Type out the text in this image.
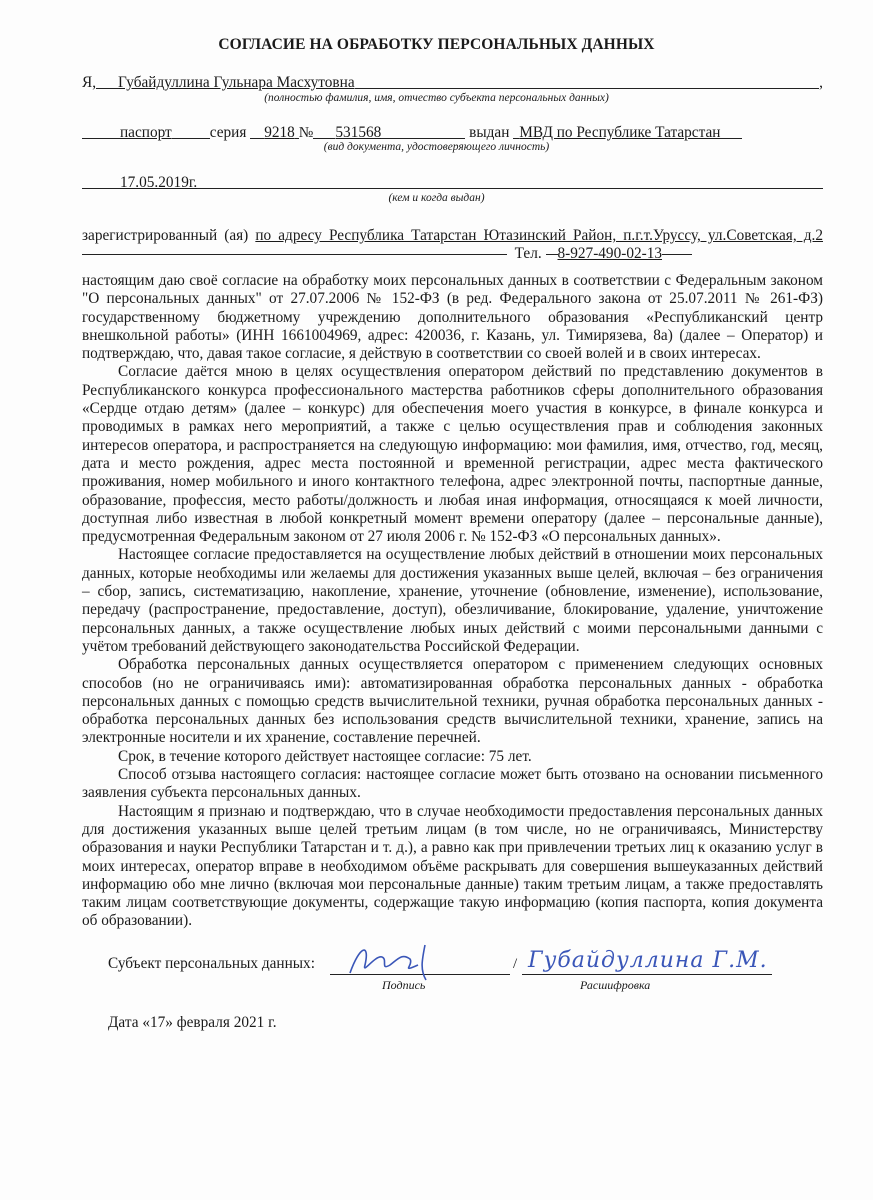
СОГЛАСИЕ НА ОБРАБОТКУ ПЕРСОНАЛЬНЫХ ДАННЫХ
Я, Губайдуллина Гульнара Масхутовна	,
(полностью фамилия, имя, отчество субъекта персональных данных)
паспорт серия
9218 № 531568
	выдан
МВД по Республике Татарстан
(вид документа, удостоверяющего личность)
17.05.2019г.
(кем и когда выдан)
зарегистрированный (ая) по адресу Республика Татарстан Ютазинский Район, п.г.т.Уруссу, ул.Советская, д.2  Тел. 8-927-490-02-13

настоящим даю своё согласие на обработку моих персональных данных в соответствии с Федеральным законом "О персональных данных" от 27.07.2006 № 152-ФЗ (в ред. Федерального закона от 25.07.2011 № 261-ФЗ) государственному бюджетному учреждению дополнительного образования «Республиканский центр внешкольной работы» (ИНН 1661004969, адрес: 420036, г. Казань, ул. Тимирязева, 8а) (далее – Оператор) и подтверждаю, что, давая такое согласие, я действую в соответствии со своей волей и в своих интересах.

Согласие даётся мною в целях осуществления оператором действий по представлению документов в Республиканского конкурса профессионального мастерства работников сферы дополнительного образования «Сердце отдаю детям» (далее – конкурс) для обеспечения моего участия в конкурсе, в финале конкурса и проводимых в рамках него мероприятий, а также с целью осуществления прав и соблюдения законных интересов оператора, и распространяется на следующую информацию: мои фамилия, имя, отчество, год, месяц, дата и место рождения, адрес места постоянной и временной регистрации, адрес места фактического проживания, номер мобильного и иного контактного телефона, адрес электронной почты, паспортные данные, образование, профессия, место работы/должность и любая иная информация, относящаяся к моей личности, доступная либо известная в любой конкретный момент времени оператору (далее – персональные данные), предусмотренная Федеральным законом от 27 июля 2006 г. № 152-ФЗ «О персональных данных».

Настоящее согласие предоставляется на осуществление любых действий в отношении моих персональных данных, которые необходимы или желаемы для достижения указанных выше целей, включая – без ограничения – сбор, запись, систематизацию, накопление, хранение, уточнение (обновление, изменение), использование, передачу (распространение, предоставление, доступ), обезличивание, блокирование, удаление, уничтожение персональных данных, а также осуществление любых иных действий с моими персональными данными с учётом требований действующего законодательства Российской Федерации.

Обработка персональных данных осуществляется оператором с применением следующих основных способов (но не ограничиваясь ими): автоматизированная обработка персональных данных - обработка персональных данных с помощью средств вычислительной техники, ручная обработка персональных данных - обработка персональных данных без использования средств вычислительной техники, хранение, запись на электронные носители и их хранение, составление перечней.

Срок, в течение которого действует настоящее согласие: 75 лет.

Способ отзыва настоящего согласия: настоящее согласие может быть отозвано на основании письменного заявления субъекта персональных данных.

Настоящим я признаю и подтверждаю, что в случае необходимости предоставления персональных данных для достижения указанных выше целей третьим лицам (в том числе, но не ограничиваясь, Министерству образования и науки Республики Татарстан и т. д.), а равно как при привлечении третьих лиц к оказанию услуг в моих интересах, оператор вправе в необходимом объёме раскрывать для совершения вышеуказанных действий информацию обо мне лично (включая мои персональные данные) таким третьим лицам, а также предоставлять таким лицам соответствующие документы, содержащие такую информацию (копия паспорта, копия документа об образовании).

Субъект персональных данных:	/
Подпись	Расшифровка
Губайдуллина Г.М.
Дата «17» февраля 2021 г.
